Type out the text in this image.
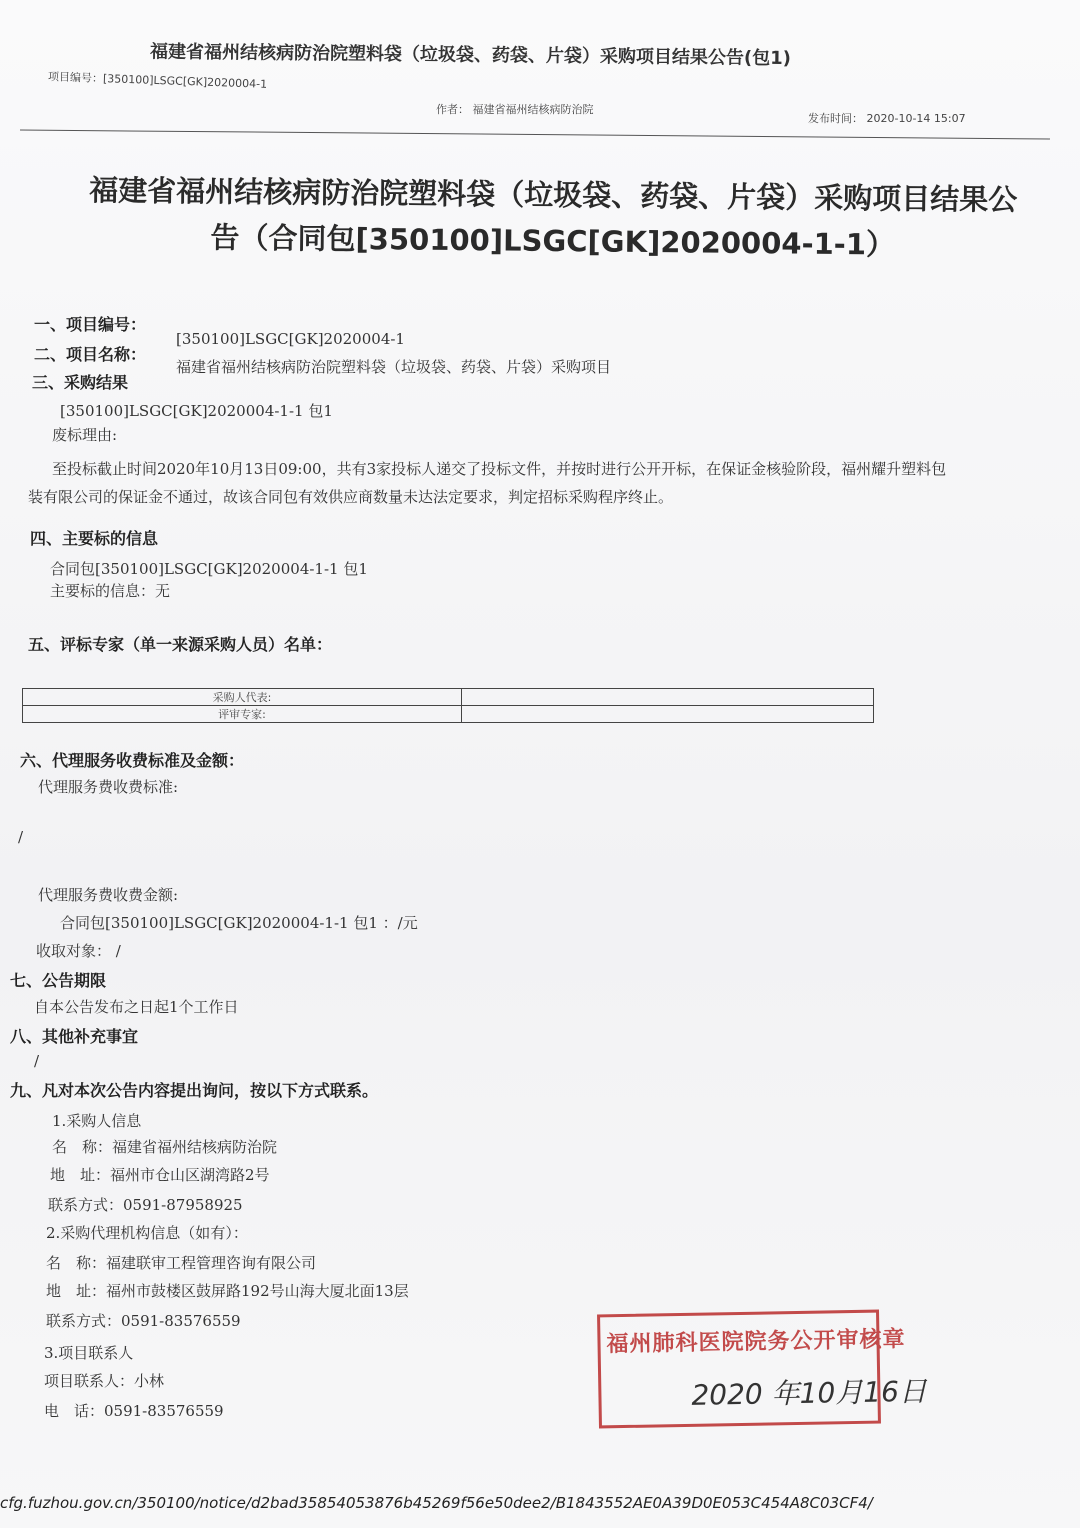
福建省福州结核病防治院塑料袋（垃圾袋、药袋、片袋）采购项目结果公告(包1)
项目编号：[350100]LSGC[GK]2020004-1
作者： 福建省福州结核病防治院
发布时间： 2020-10-14 15:07
福建省福州结核病防治院塑料袋（垃圾袋、药袋、片袋）采购项目结果公
告（合同包[350100]LSGC[GK]2020004-1-1）
一、项目编号：
[350100]LSGC[GK]2020004-1
二、项目名称：
福建省福州结核病防治院塑料袋（垃圾袋、药袋、片袋）采购项目
三、采购结果
[350100]LSGC[GK]2020004-1-1 包1
废标理由:
至投标截止时间2020年10月13日09:00，共有3家投标人递交了投标文件，并按时进行公开开标，在保证金核验阶段，福州耀升塑料包
装有限公司的保证金不通过，故该合同包有效供应商数量未达法定要求，判定招标采购程序终止。
四、主要标的信息
合同包[350100]LSGC[GK]2020004-1-1 包1
主要标的信息：无
五、评标专家（单一来源采购人员）名单：
采购人代表:	
评审专家:	
六、代理服务收费标准及金额：
代理服务费收费标准:
/
代理服务费收费金额:
合同包[350100]LSGC[GK]2020004-1-1 包1 ：/元
收取对象： /
七、公告期限
自本公告发布之日起1个工作日
八、其他补充事宜
/
九、凡对本次公告内容提出询问，按以下方式联系。
1.采购人信息
名　称：福建省福州结核病防治院
地　址：福州市仓山区湖湾路2号
联系方式：0591-87958925
2.采购代理机构信息（如有）：
名　称：福建联审工程管理咨询有限公司
地　址：福州市鼓楼区鼓屏路192号山海大厦北面13层
联系方式：0591-83576559
3.项目联系人
项目联系人：小林
电　话：0591-83576559
福州肺科医院院务公开审核章
2020 年10月16日
cfg.fuzhou.gov.cn/350100/notice/d2bad35854053876b45269f56e50dee2/B1843552AE0A39D0E053C454A8C03CF4/
